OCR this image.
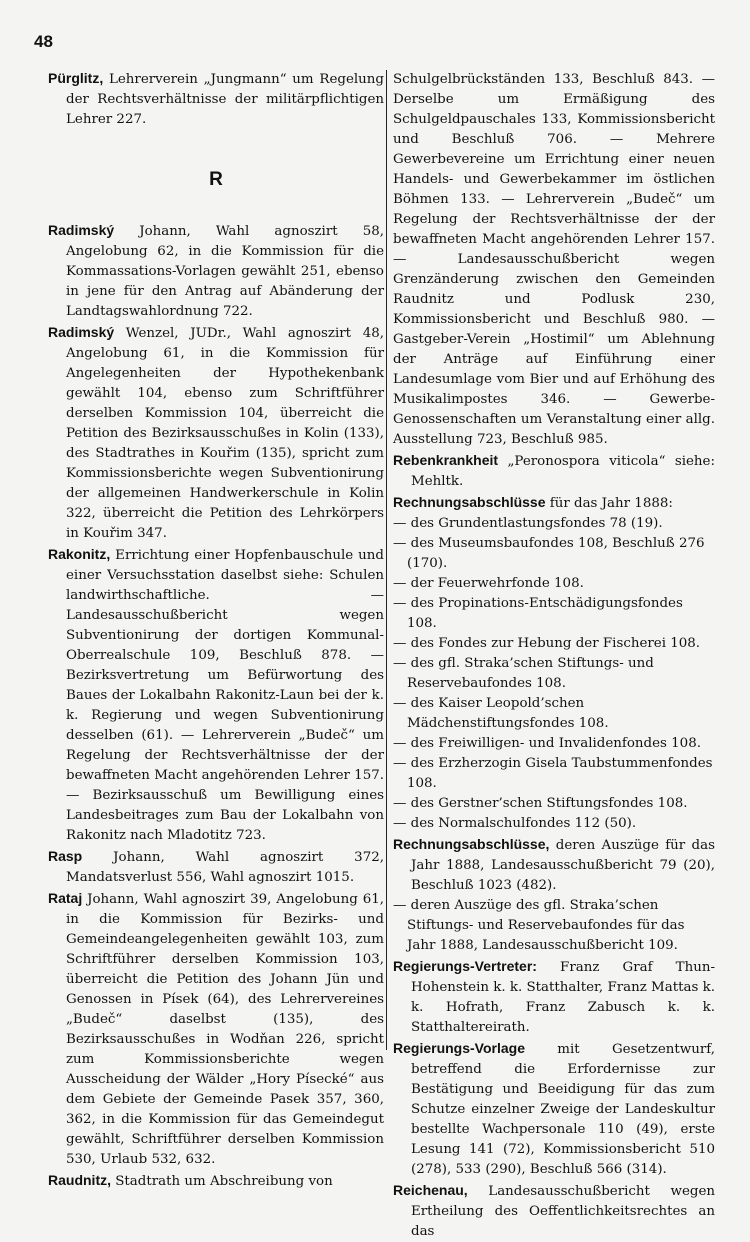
48

Pürglitz, Lehrerverein „Jungmann“ um Regelung der Rechtsverhältnisse der militärpflichtigen Lehrer 227.

R

Radimský Johann, Wahl agnoszirt 58, Angelobung 62, in die Kommission für die Kommassations-Vorlagen gewählt 251, ebenso in jene für den Antrag auf Abänderung der Landtagswahlordnung 722.

Radimský Wenzel, JUDr., Wahl agnoszirt 48, Angelobung 61, in die Kommission für Angelegenheiten der Hypothekenbank gewählt 104, ebenso zum Schriftführer derselben Kommission 104, überreicht die Petition des Bezirksausschußes in Kolin (133), des Stadtrathes in Kouřim (135), spricht zum Kommissionsberichte wegen Subventionirung der allgemeinen Handwerkerschule in Kolin 322, überreicht die Petition des Lehrkörpers in Kouřim 347.

Rakonitz, Errichtung einer Hopfenbauschule und einer Versuchsstation daselbst siehe: Schulen landwirthschaftliche. — Landesausschußbericht wegen Subventionirung der dortigen Kommunal-Oberrealschule 109, Beschluß 878. — Bezirksvertretung um Befürwortung des Baues der Lokalbahn Rakonitz-Laun bei der k. k. Regierung und wegen Subventionirung desselben (61). — Lehrerverein „Budeč“ um Regelung der Rechtsverhältnisse der der bewaffneten Macht angehörenden Lehrer 157. — Bezirksausschuß um Bewilligung eines Landesbeitrages zum Bau der Lokalbahn von Rakonitz nach Mladotitz 723.

Rasp Johann, Wahl agnoszirt 372, Mandatsverlust 556, Wahl agnoszirt 1015.

Rataj Johann, Wahl agnoszirt 39, Angelobung 61, in die Kommission für Bezirks- und Gemeindeangelegenheiten gewählt 103, zum Schriftführer derselben Kommission 103, überreicht die Petition des Johann Jün und Genossen in Písek (64), des Lehrervereines „Budeč“ daselbst (135), des Bezirksausschußes in Wodňan 226, spricht zum Kommissionsberichte wegen Ausscheidung der Wälder „Hory Písecké“ aus dem Gebiete der Gemeinde Pasek 357, 360, 362, in die Kommission für das Gemeindegut gewählt, Schriftführer derselben Kommission 530, Urlaub 532, 632.

Raudnitz, Stadtrath um Abschreibung von

Schulgelbrückständen 133, Beschluß 843. — Derselbe um Ermäßigung des Schulgeldpauschales 133, Kommissionsbericht und Beschluß 706. — Mehrere Gewerbevereine um Errichtung einer neuen Handels- und Gewerbekammer im östlichen Böhmen 133. — Lehrerverein „Budeč“ um Regelung der Rechtsverhältnisse der der bewaffneten Macht angehörenden Lehrer 157. — Landesausschußbericht wegen Grenzänderung zwischen den Gemeinden Raudnitz und Podlusk 230, Kommissionsbericht und Beschluß 980. — Gastgeber-Verein „Hostimil“ um Ablehnung der Anträge auf Einführung einer Landesumlage vom Bier und auf Erhöhung des Musikalimpostes 346. — Gewerbe-Genossenschaften um Veranstaltung einer allg. Ausstellung 723, Beschluß 985.

Rebenkrankheit „Peronospora viticola“ siehe: Mehltk.

Rechnungsabschlüsse für das Jahr 1888:

— des Grundentlastungsfondes 78 (19).

— des Museumsbaufondes 108, Beschluß 276 (170).

— der Feuerwehrfonde 108.

— des Propinations-Entschädigungsfondes 108.

— des Fondes zur Hebung der Fischerei 108.

— des gfl. Straka’schen Stiftungs- und Reservebaufondes 108.

— des Kaiser Leopold’schen Mädchenstiftungsfondes 108.

— des Freiwilligen- und Invalidenfondes 108.

— des Erzherzogin Gisela Taubstummenfondes 108.

— des Gerstner’schen Stiftungsfondes 108.

— des Normalschulfondes 112 (50).

Rechnungsabschlüsse, deren Auszüge für das Jahr 1888, Landesausschußbericht 79 (20), Beschluß 1023 (482).

— deren Auszüge des gfl. Straka’schen Stiftungs- und Reservebaufondes für das Jahr 1888, Landesausschußbericht 109.

Regierungs-Vertreter: Franz Graf Thun-Hohenstein k. k. Statthalter, Franz Mattas k. k. Hofrath, Franz Zabusch k. k. Statthaltereirath.

Regierungs-Vorlage mit Gesetzentwurf, betreffend die Erfordernisse zur Bestätigung und Beeidigung für das zum Schutze einzelner Zweige der Landeskultur bestellte Wachpersonale 110 (49), erste Lesung 141 (72), Kommissionsbericht 510 (278), 533 (290), Beschluß 566 (314).

Reichenau, Landesausschußbericht wegen Ertheilung des Oeffentlichkeitsrechtes an das
